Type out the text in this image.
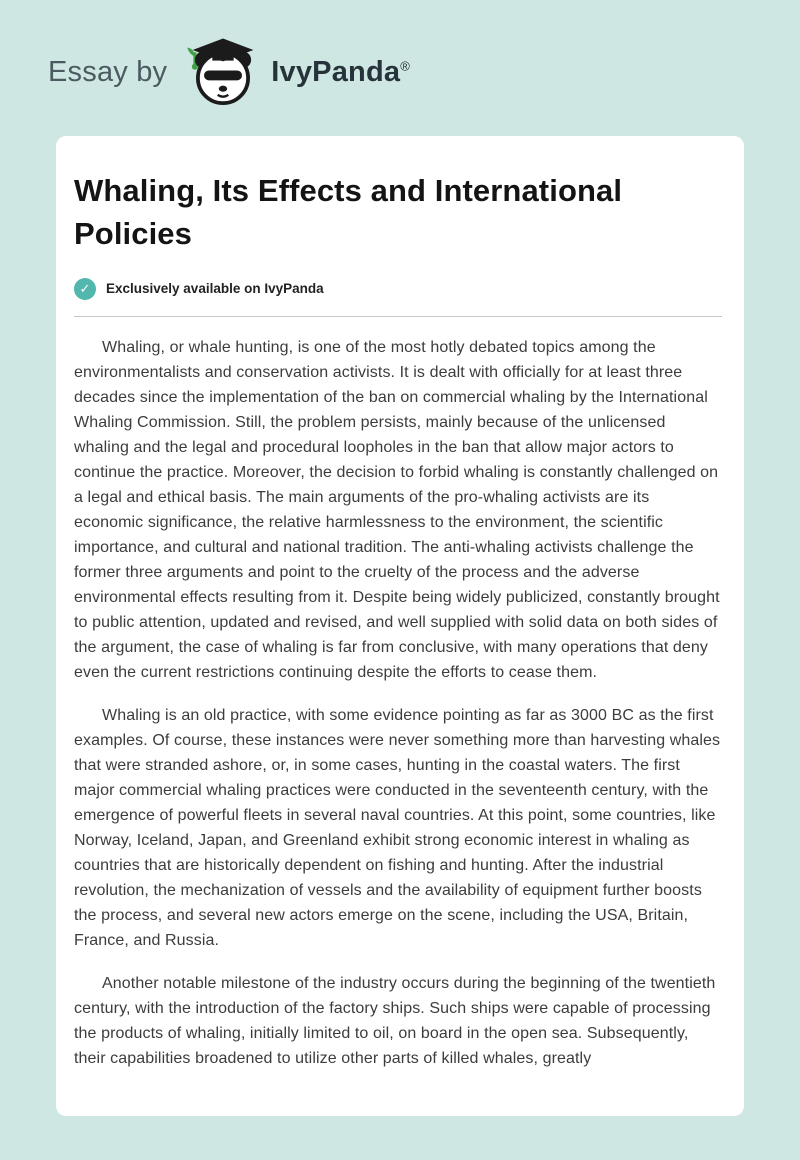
Essay by	IvyPanda®
Whaling, Its Effects and International Policies
✓	Exclusively available on IvyPanda

Whaling, or whale hunting, is one of the most hotly debated topics among the environmentalists and conservation activists. It is dealt with officially for at least three decades since the implementation of the ban on commercial whaling by the International Whaling Commission. Still, the problem persists, mainly because of the unlicensed whaling and the legal and procedural loopholes in the ban that allow major actors to continue the practice. Moreover, the decision to forbid whaling is constantly challenged on a legal and ethical basis. The main arguments of the pro-whaling activists are its economic significance, the relative harmlessness to the environment, the scientific importance, and cultural and national tradition. The anti-whaling activists challenge the former three arguments and point to the cruelty of the process and the adverse environmental effects resulting from it. Despite being widely publicized, constantly brought to public attention, updated and revised, and well supplied with solid data on both sides of the argument, the case of whaling is far from conclusive, with many operations that deny even the current restrictions continuing despite the efforts to cease them.

Whaling is an old practice, with some evidence pointing as far as 3000 BC as the first examples. Of course, these instances were never something more than harvesting whales that were stranded ashore, or, in some cases, hunting in the coastal waters. The first major commercial whaling practices were conducted in the seventeenth century, with the emergence of powerful fleets in several naval countries. At this point, some countries, like Norway, Iceland, Japan, and Greenland exhibit strong economic interest in whaling as countries that are historically dependent on fishing and hunting. After the industrial revolution, the mechanization of vessels and the availability of equipment further boosts the process, and several new actors emerge on the scene, including the USA, Britain, France, and Russia.

Another notable milestone of the industry occurs during the beginning of the twentieth century, with the introduction of the factory ships. Such ships were capable of processing the products of whaling, initially limited to oil, on board in the open sea. Subsequently, their capabilities broadened to utilize other parts of killed whales, greatly
